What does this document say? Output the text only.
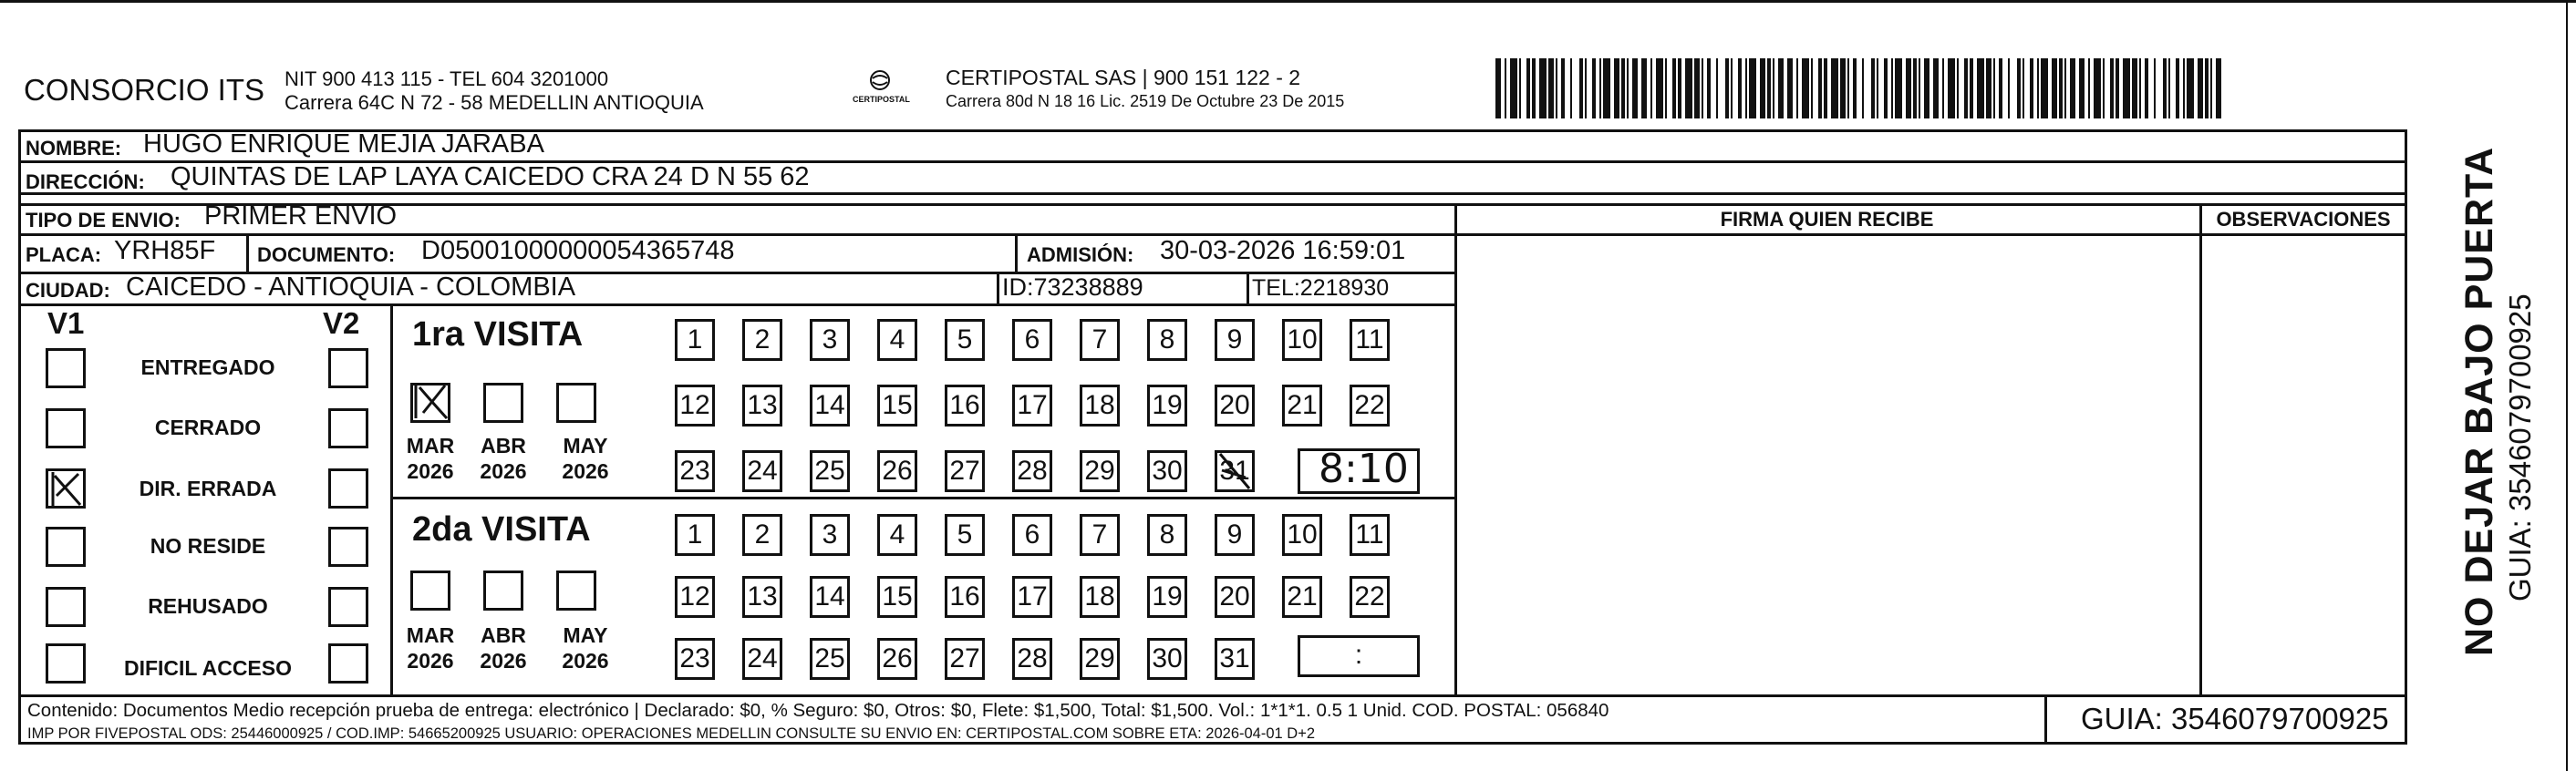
CONSORCIO ITS NIT 900 413 115 - TEL 604 3201000
Carrera 64C N 72 - 58 MEDELLIN ANTIOQUIA	CERTIPOSTAL
CERTIPOSTAL SAS | 900 151 122 - 2
Carrera 80d N 18 16 Lic. 2519 De Octubre 23 De 2015
NOMBRE: HUGO ENRIQUE MEJIA JARABA
DIRECCIÓN: QUINTAS DE LAP LAYA CAICEDO CRA 24 D N 55 62
TIPO DE ENVIO: PRIMER ENVIO
PLACA: YRH85F DOCUMENTO: D05001000000054365748	ADMISIÓN: 30-03-2026 16:59:01
CIUDAD: CAICEDO - ANTIOQUIA - COLOMBIA	ID:73238889	TEL:2218930
FIRMA QUIEN RECIBE	OBSERVACIONES
V1	V2
ENTREGADO
CERRADO
DIR. ERRADA
NO RESIDE
REHUSADO
DIFICIL ACCESO
1ra VISITA
MAR	ABR	MAY
2026	2026	2026
1	2	3	4	5	6	7	8	9	10 11
12 13 14 15 16 17 18 19 20 21 22
23 24 25 26 27 28 29 30 31 8:10
2da VISITA
MAR	ABR	MAY
2026	2026	2026
1	2	3	4	5	6	7	8	9	10 11
12 13 14 15 16 17 18 19 20 21 22
23 24 25 26 27 28 29 30 31	:
Contenido: Documentos Medio recepción prueba de entrega: electrónico | Declarado: $0, % Seguro: $0, Otros: $0, Flete: $1,500, Total: $1,500. Vol.: 1*1*1. 0.5 1 Unid. COD. POSTAL: 056840
IMP POR FIVEPOSTAL ODS: 25446000925 / COD.IMP: 54665200925 USUARIO: OPERACIONES MEDELLIN CONSULTE SU ENVIO EN: CERTIPOSTAL.COM SOBRE ETA: 2026-04-01 D+2	GUIA: 3546079700925
NO DEJAR BAJO PUERTA GUIA: 3546079700925
